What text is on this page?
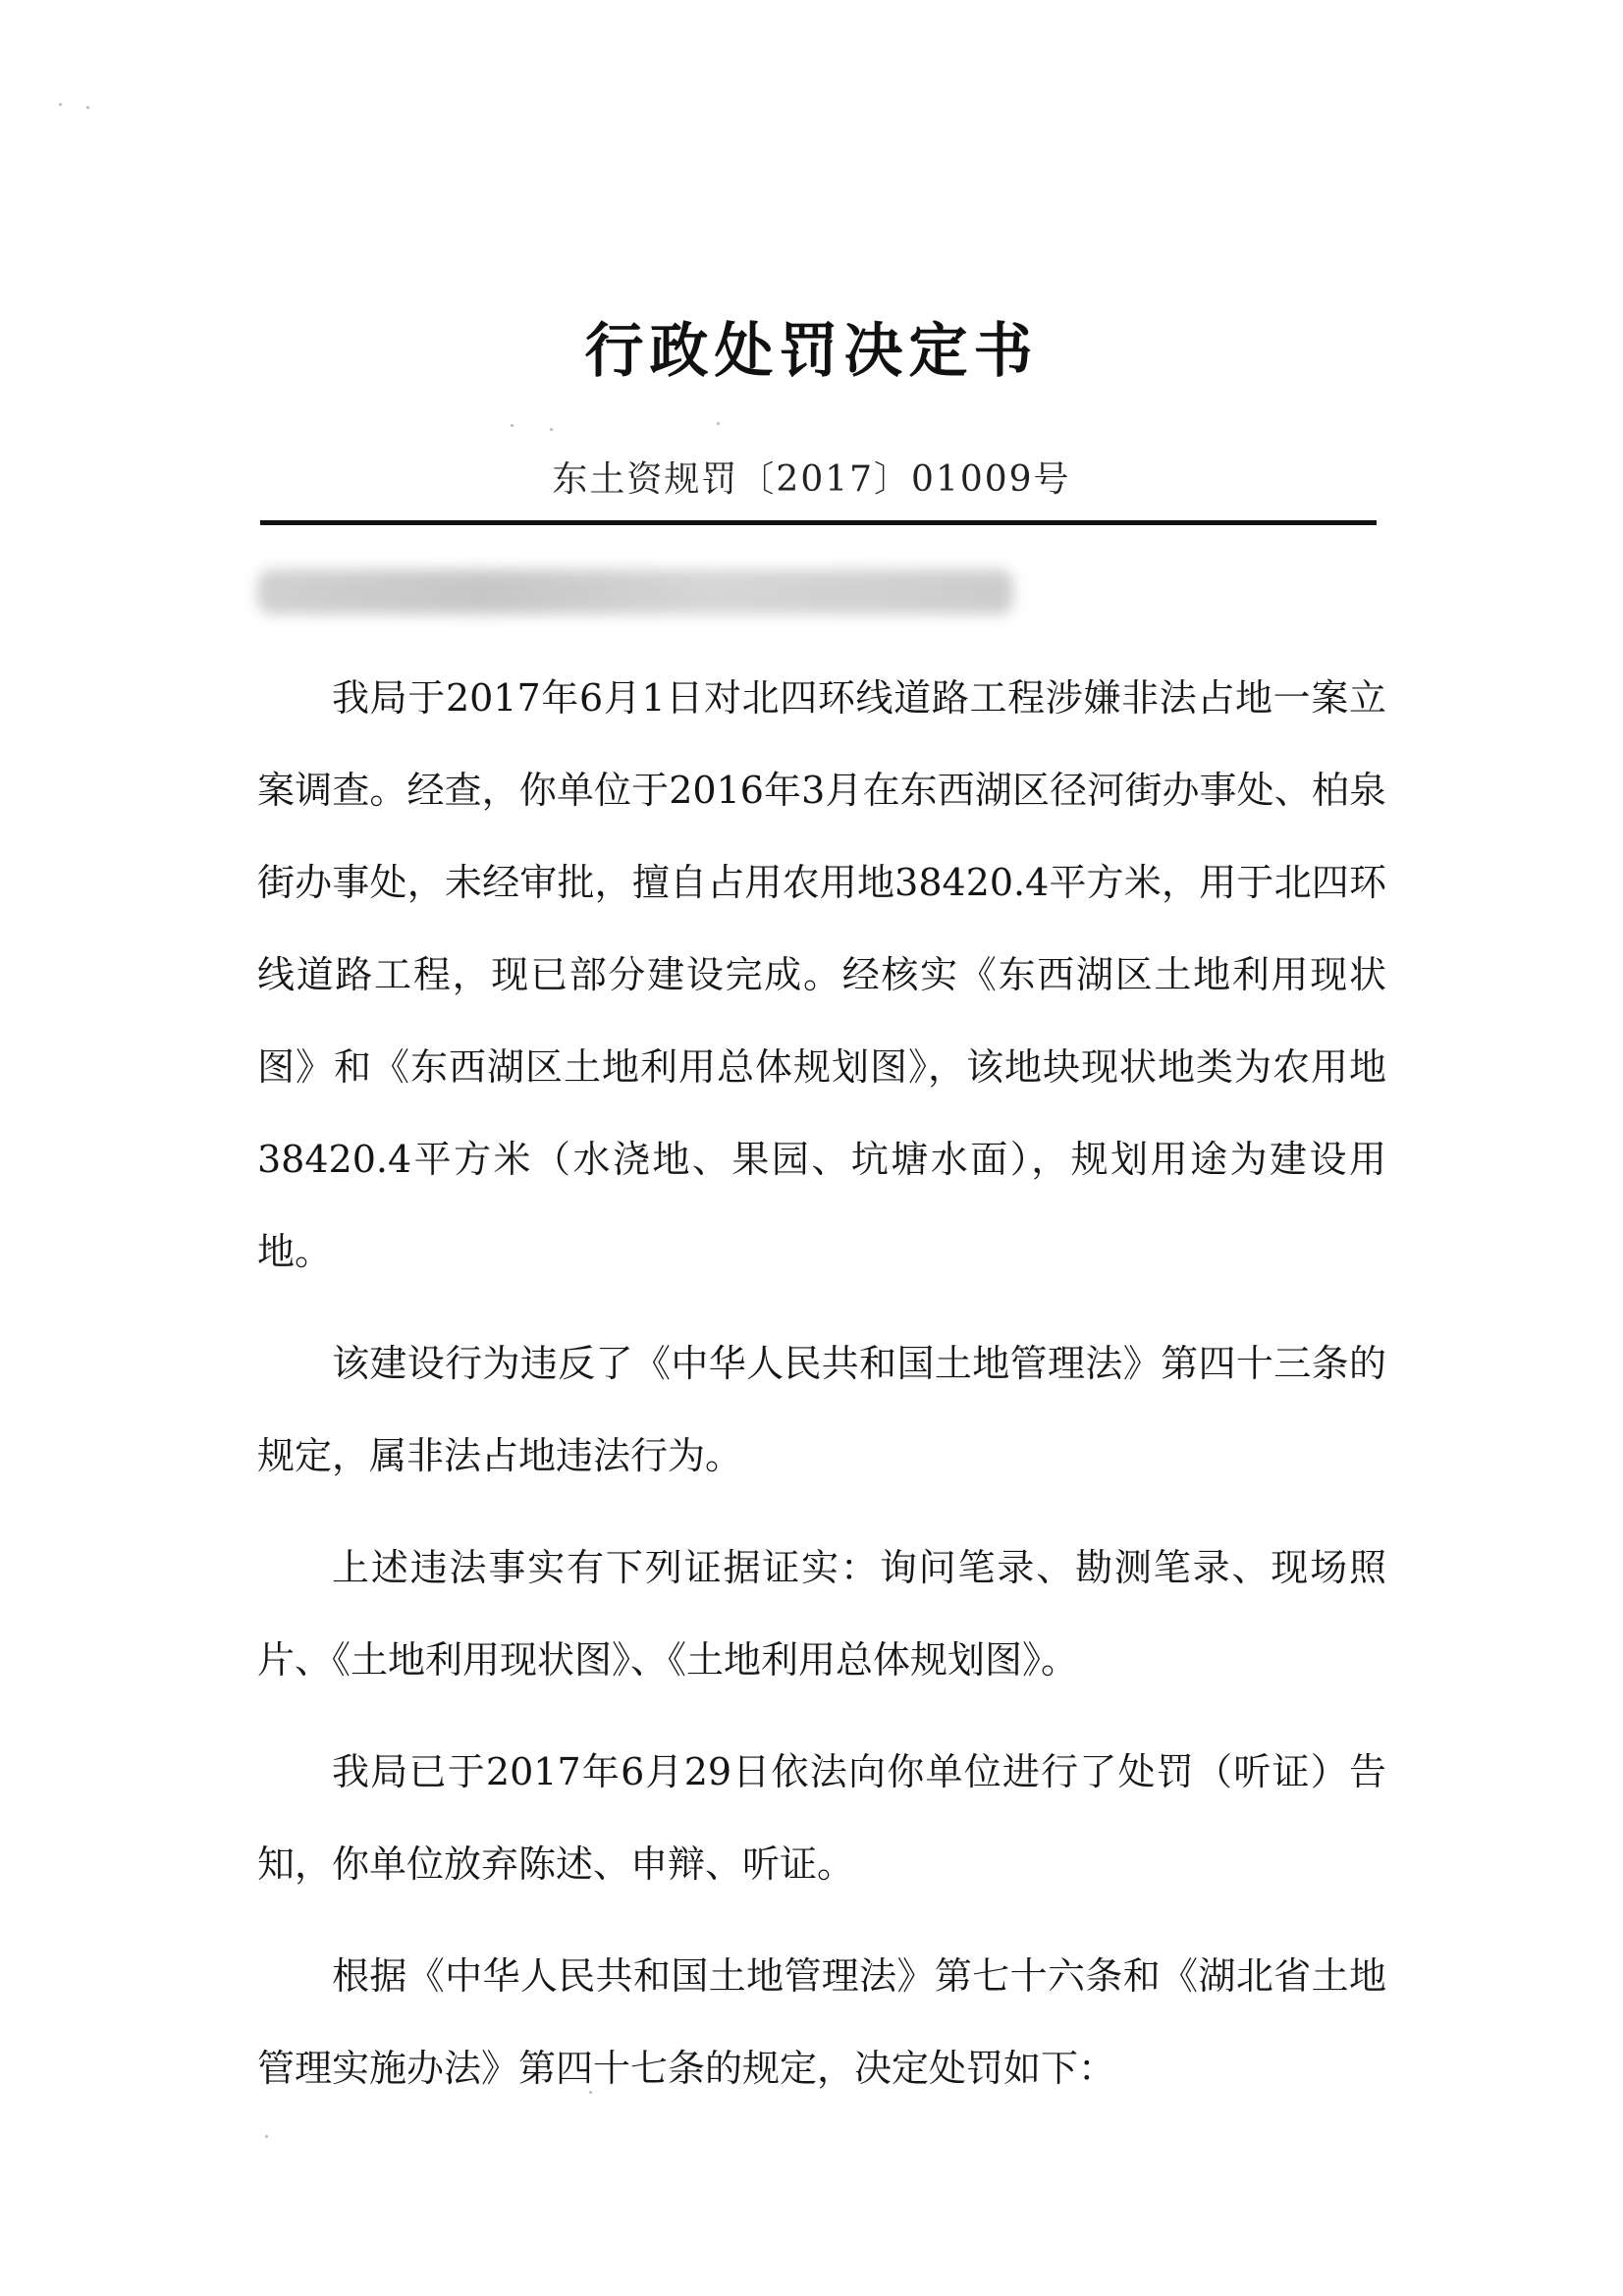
行政处罚决定书
东土资规罚〔2017〕01009号

我局于2017年6月1日对北四环线道路工程涉嫌非法占地一案立案调查。经查，你单位于2016年3月在东西湖区径河街办事处、柏泉街办事处，未经审批，擅自占用农用地38420.4平方米，用于北四环线道路工程，现已部分建设完成。经核实《东西湖区土地利用现状图》和《东西湖区土地利用总体规划图》，该地块现状地类为农用地38420.4平方米（水浇地、果园、坑塘水面），规划用途为建设用地。

该建设行为违反了《中华人民共和国土地管理法》第四十三条的规定，属非法占地违法行为。

上述违法事实有下列证据证实：询问笔录、勘测笔录、现场照片、《土地利用现状图》、《土地利用总体规划图》。

我局已于2017年6月29日依法向你单位进行了处罚（听证）告知，你单位放弃陈述、申辩、听证。

根据《中华人民共和国土地管理法》第七十六条和《湖北省土地管理实施办法》第四十七条的规定，决定处罚如下：
